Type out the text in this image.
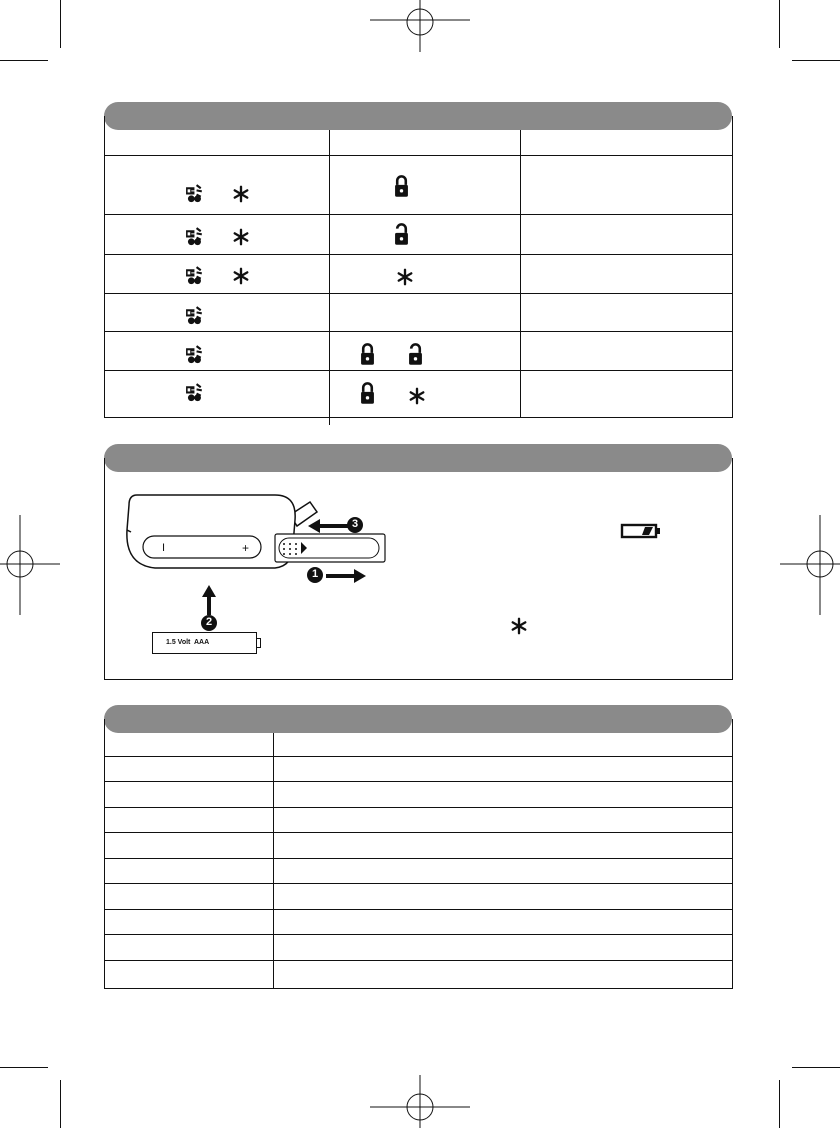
I	+
3
1
2
1.5 Volt  AAA
